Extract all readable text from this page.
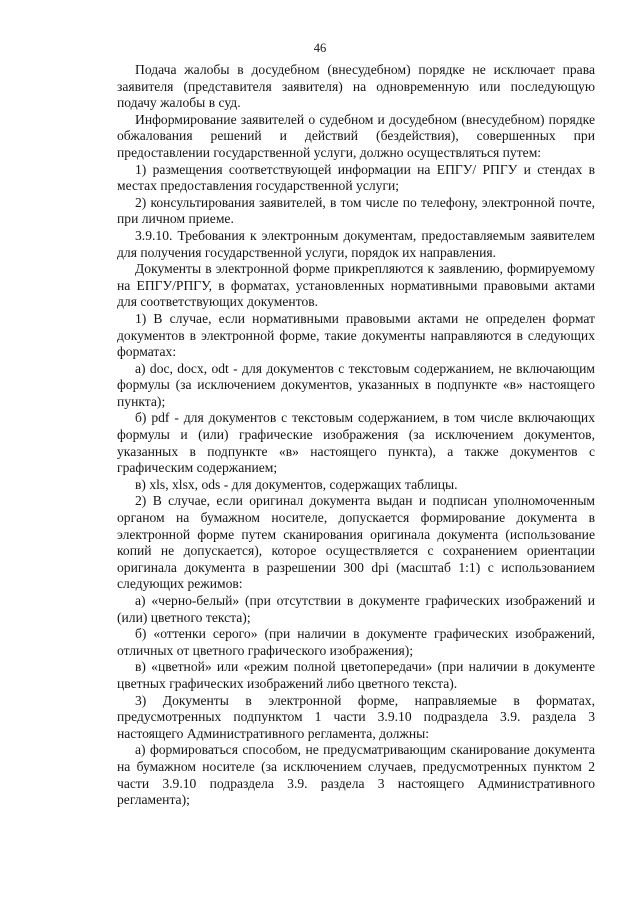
46

Подача жалобы в досудебном (внесудебном) порядке не исключает права заявителя (представителя заявителя) на одновременную или последующую подачу жалобы в суд.

Информирование заявителей о судебном и досудебном (внесудебном) порядке обжалования решений и действий (бездействия), совершенных при предоставлении государственной услуги, должно осуществляться путем:

1) размещения соответствующей информации на ЕПГУ/ РПГУ и стендах в местах предоставления государственной услуги;

2) консультирования заявителей, в том числе по телефону, электронной почте, при личном приеме.

3.9.10. Требования к электронным документам, предоставляемым заявителем для получения государственной услуги, порядок их направления.

Документы в электронной форме прикрепляются к заявлению, формируемому на ЕПГУ/РПГУ, в форматах, установленных нормативными правовыми актами для соответствующих документов.

1) В случае, если нормативными правовыми актами не определен формат документов в электронной форме, такие документы направляются в следующих форматах:

а) doc, docx, odt - для документов с текстовым содержанием, не включающим формулы (за исключением документов, указанных в подпункте «в» настоящего пункта);

б) pdf - для документов с текстовым содержанием, в том числе включающих формулы и (или) графические изображения (за исключением документов, указанных в подпункте «в» настоящего пункта), а также документов с графическим содержанием;

в) xls, xlsx, ods - для документов, содержащих таблицы.

2) В случае, если оригинал документа выдан и подписан уполномоченным органом на бумажном носителе, допускается формирование документа в электронной форме путем сканирования оригинала документа (использование копий не допускается), которое осуществляется с сохранением ориентации оригинала документа в разрешении 300 dpi (масштаб 1:1) с использованием следующих режимов:

а) «черно-белый» (при отсутствии в документе графических изображений и (или) цветного текста);

б) «оттенки серого» (при наличии в документе графических изображений, отличных от цветного графического изображения);

в) «цветной» или «режим полной цветопередачи» (при наличии в документе цветных графических изображений либо цветного текста).

3) Документы в электронной форме, направляемые в форматах, предусмотренных подпунктом 1 части 3.9.10 подраздела 3.9. раздела 3 настоящего Административного регламента, должны:

а) формироваться способом, не предусматривающим сканирование документа на бумажном носителе (за исключением случаев, предусмотренных пунктом 2 части 3.9.10 подраздела 3.9. раздела 3 настоящего Административного регламента);
